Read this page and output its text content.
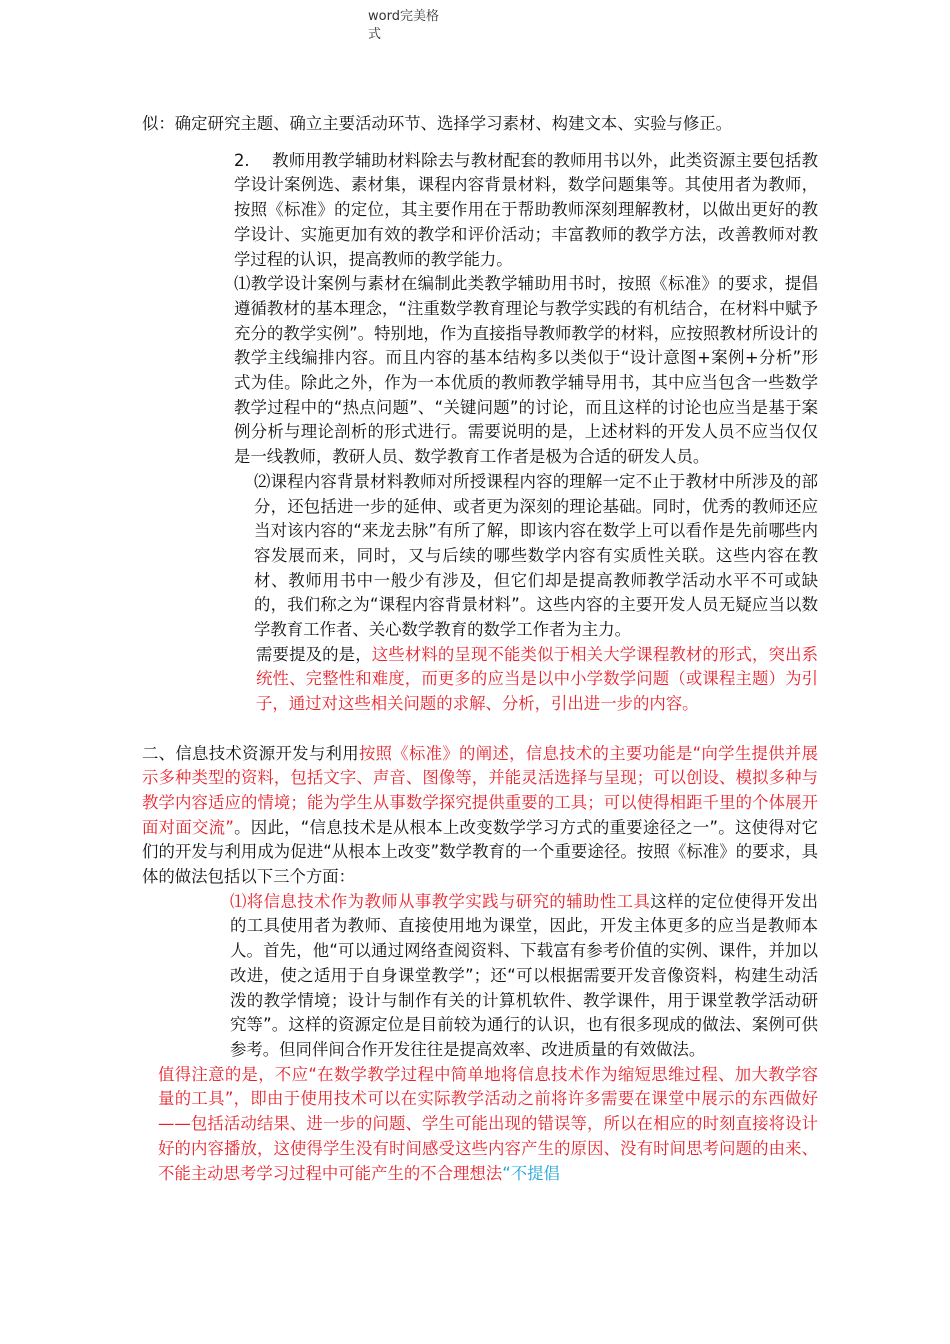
word完美格
式

似：确定研究主题、确立主要活动环节、选择学习素材、构建文本、实验与修正。

2. 教师用教学辅助材料除去与教材配套的教师用书以外，此类资源主要包括教学设计案例选、素材集，课程内容背景材料，数学问题集等。其使用者为教师，按照《标准》的定位，其主要作用在于帮助教师深刻理解教材，以做出更好的教学设计、实施更加有效的教学和评价活动；丰富教师的教学方法，改善教师对教学过程的认识，提高教师的教学能力。

⑴教学设计案例与素材在编制此类教学辅助用书时，按照《标准》的要求，提倡遵循教材的基本理念，“注重数学教育理论与教学实践的有机结合，在材料中赋予充分的教学实例”。特别地，作为直接指导教师教学的材料，应按照教材所设计的教学主线编排内容。而且内容的基本结构多以类似于“设计意图+案例+分析”形式为佳。除此之外，作为一本优质的教师教学辅导用书，其中应当包含一些数学教学过程中的“热点问题”、“关键问题”的讨论，而且这样的讨论也应当是基于案例分析与理论剖析的形式进行。需要说明的是，上述材料的开发人员不应当仅仅是一线教师，教研人员、数学教育工作者是极为合适的研发人员。

⑵课程内容背景材料教师对所授课程内容的理解一定不止于教材中所涉及的部分，还包括进一步的延伸、或者更为深刻的理论基础。同时，优秀的教师还应当对该内容的“来龙去脉”有所了解，即该内容在数学上可以看作是先前哪些内容发展而来，同时，又与后续的哪些数学内容有实质性关联。这些内容在教材、教师用书中一般少有涉及，但它们却是提高教师教学活动水平不可或缺的，我们称之为“课程内容背景材料”。这些内容的主要开发人员无疑应当以数学教育工作者、关心数学教育的数学工作者为主力。

需要提及的是，这些材料的呈现不能类似于相关大学课程教材的形式，突出系统性、完整性和难度，而更多的应当是以中小学数学问题（或课程主题）为引子，通过对这些相关问题的求解、分析，引出进一步的内容。

二、信息技术资源开发与利用按照《标准》的阐述，信息技术的主要功能是“向学生提供并展示多种类型的资料，包括文字、声音、图像等，并能灵活选择与呈现；可以创设、模拟多种与教学内容适应的情境；能为学生从事数学探究提供重要的工具；可以使得相距千里的个体展开面对面交流”。因此，“信息技术是从根本上改变数学学习方式的重要途径之一”。这使得对它们的开发与利用成为促进“从根本上改变”数学教育的一个重要途径。按照《标准》的要求，具体的做法包括以下三个方面：

⑴将信息技术作为教师从事教学实践与研究的辅助性工具这样的定位使得开发出的工具使用者为教师、直接使用地为课堂，因此，开发主体更多的应当是教师本人。首先，他“可以通过网络查阅资料、下载富有参考价值的实例、课件，并加以改进，使之适用于自身课堂教学”；还“可以根据需要开发音像资料，构建生动活泼的教学情境；设计与制作有关的计算机软件、教学课件，用于课堂教学活动研究等”。这样的资源定位是目前较为通行的认识，也有很多现成的做法、案例可供参考。但同伴间合作开发往往是提高效率、改进质量的有效做法。

值得注意的是，不应“在数学教学过程中简单地将信息技术作为缩短思维过程、加大教学容量的工具”，即由于使用技术可以在实际教学活动之前将许多需要在课堂中展示的东西做好——包括活动结果、进一步的问题、学生可能出现的错误等，所以在相应的时刻直接将设计好的内容播放，这使得学生没有时间感受这些内容产生的原因、没有时间思考问题的由来、不能主动思考学习过程中可能产生的不合理想法“不提倡
